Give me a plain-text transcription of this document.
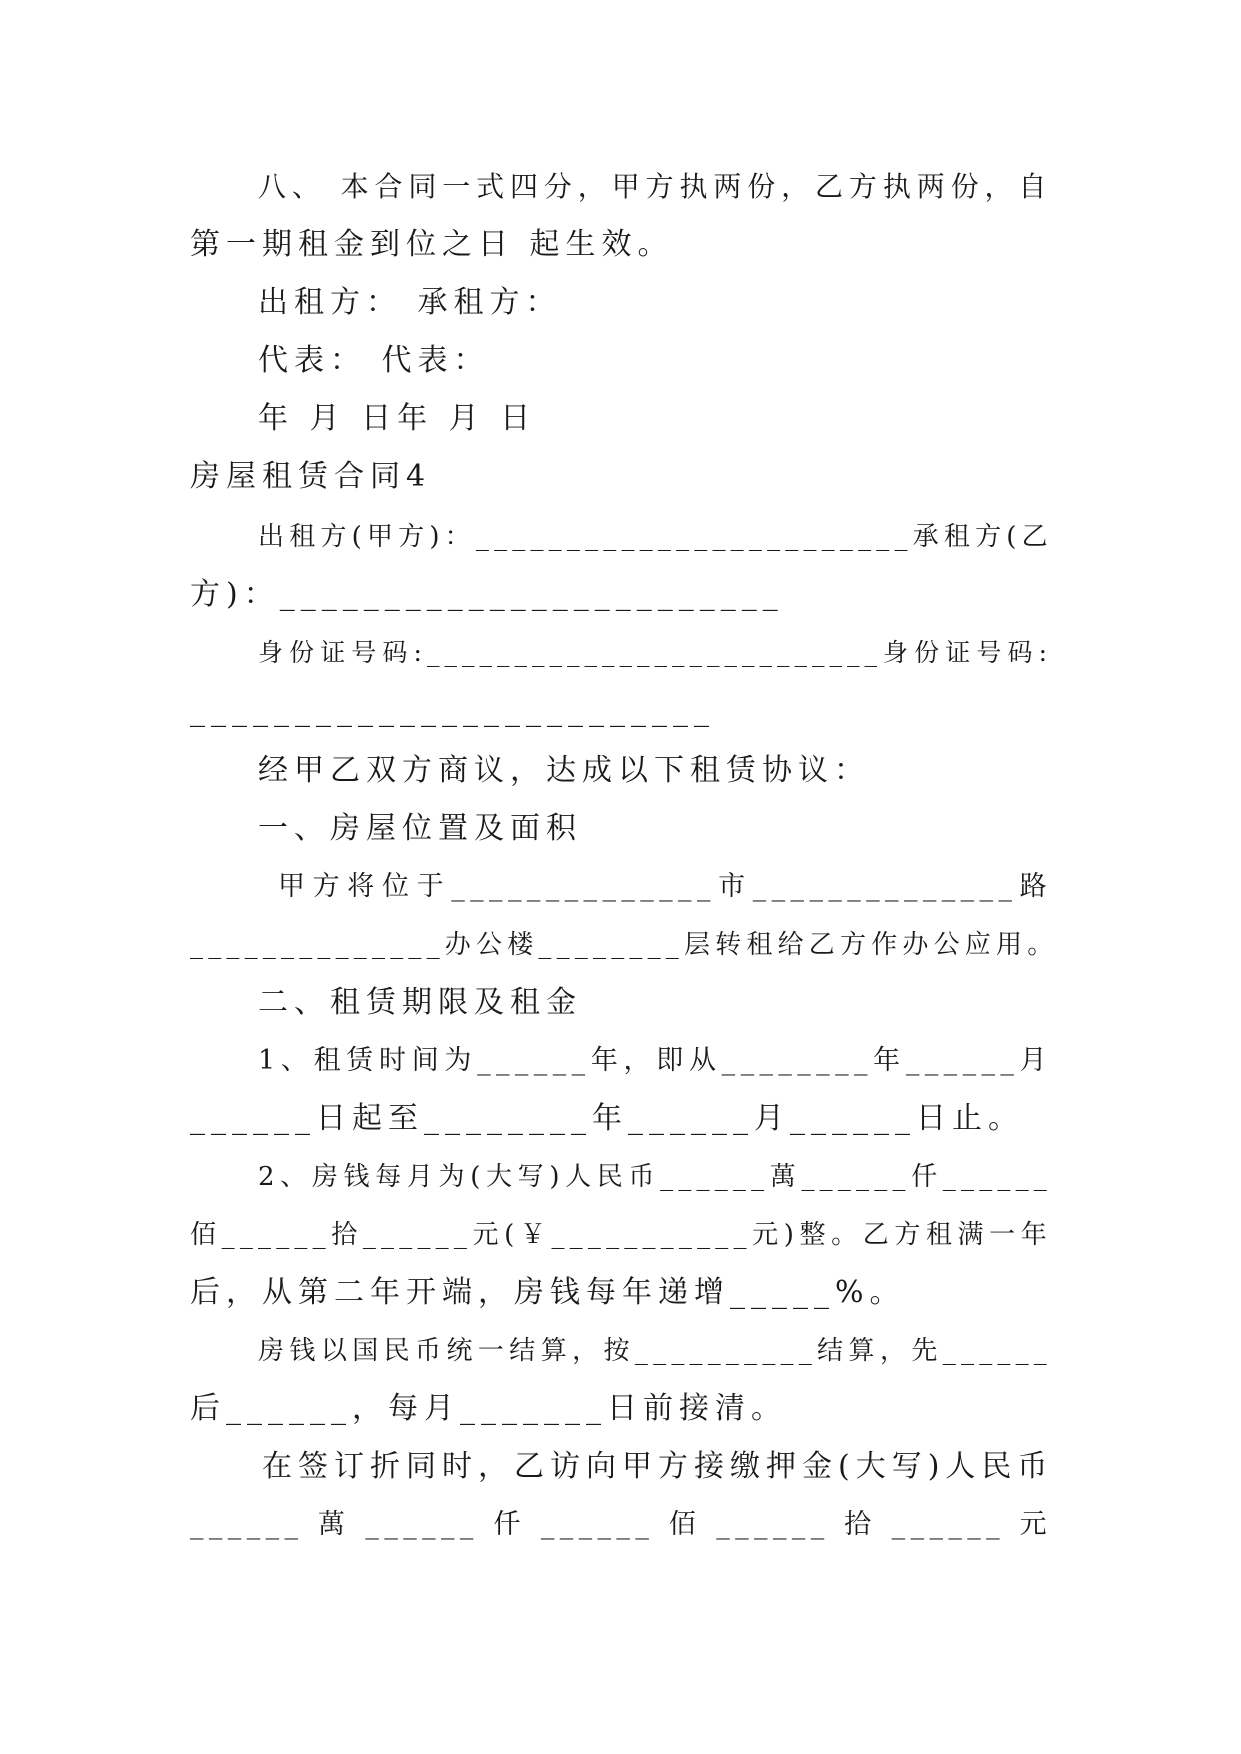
八、 本合同一式四分，甲方执两份，乙方执两份，自
第一期租金到位之日 起生效。
出租方： 承租方：
代表： 代表：
年 月 日年 月 日
房屋租赁合同4
出租方(甲方)：________________________承租方(乙
方)：________________________
身份证号码:__________________________身份证号码:
_________________________
经甲乙双方商议，达成以下租赁协议：
一、房屋位置及面积
甲方将位于______________市______________路
______________办公楼________层转租给乙方作办公应用。
二、租赁期限及租金
1、租赁时间为______年，即从________年______月
______日起至________年______月______日止。
2、房钱每月为(大写)人民币______萬______仟______
佰______拾______元(￥___________元)整。乙方租满一年
后，从第二年开端，房钱每年递增_____%。
房钱以国民币统一结算，按__________结算，先______
后______，每月_______日前接清。
在签订折同时，乙访向甲方接缴押金(大写)人民币
______ 萬 ______ 仟 ______ 佰 ______ 拾 ______ 元
